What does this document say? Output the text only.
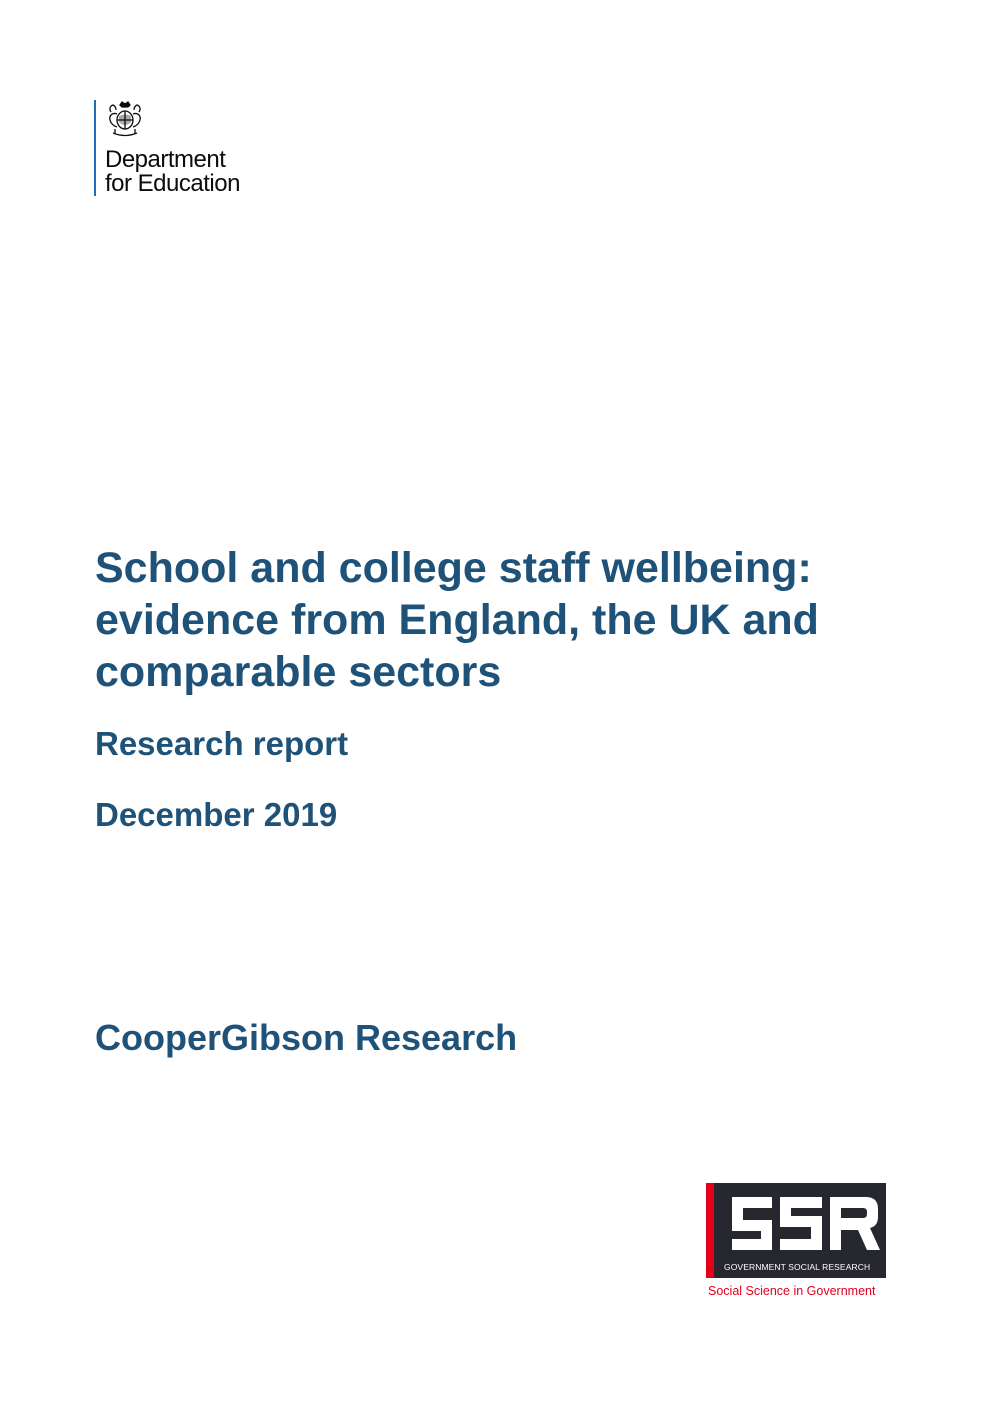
Department
for Education
School and college staff wellbeing: evidence from England, the UK and comparable sectors
Research report
December 2019
CooperGibson Research
GOVERNMENT SOCIAL RESEARCH
Social Science in Government
